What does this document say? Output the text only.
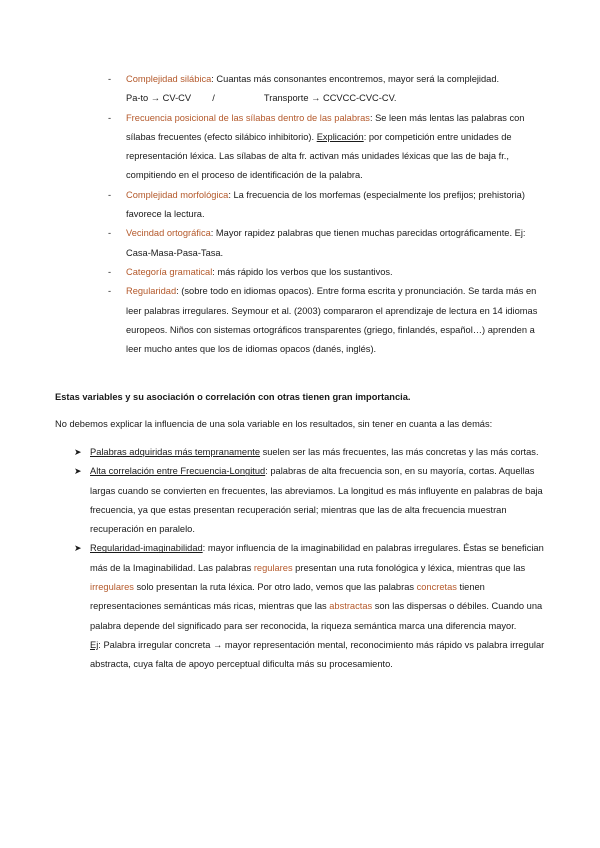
- Complejidad silábica: Cuantas más consonantes encontremos, mayor será la complejidad.
Pa-to → CV-CV /	Transporte → CCVCC-CVC-CV.
- Frecuencia posicional de las sílabas dentro de las palabras: Se leen más lentas las palabras con sílabas frecuentes (efecto silábico inhibitorio). Explicación: por competición entre unidades de representación léxica. Las sílabas de alta fr. activan más unidades léxicas que las de baja fr., compitiendo en el proceso de identificación de la palabra.
- Complejidad morfológica: La frecuencia de los morfemas (especialmente los prefijos; prehistoria) favorece la lectura.
- Vecindad ortográfica: Mayor rapidez palabras que tienen muchas parecidas ortográficamente. Ej: Casa-Masa-Pasa-Tasa.
- Categoría gramatical: más rápido los verbos que los sustantivos.
- Regularidad: (sobre todo en idiomas opacos). Entre forma escrita y pronunciación. Se tarda más en leer palabras irregulares. Seymour et al. (2003) compararon el aprendizaje de lectura en 14 idiomas europeos. Niños con sistemas ortográficos transparentes (griego, finlandés, español…) aprenden a leer mucho antes que los de idiomas opacos (danés, inglés).
Estas variables y su asociación o correlación con otras tienen gran importancia.
No debemos explicar la influencia de una sola variable en los resultados, sin tener en cuanta a las demás:
➤ Palabras adquiridas más tempranamente suelen ser las más frecuentes, las más concretas y las más cortas.
➤ Alta correlación entre Frecuencia-Longitud: palabras de alta frecuencia son, en su mayoría, cortas. Aquellas largas cuando se convierten en frecuentes, las abreviamos. La longitud es más influyente en palabras de baja frecuencia, ya que estas presentan recuperación serial; mientras que las de alta frecuencia muestran recuperación en paralelo.
➤ Regularidad-imaginabilidad: mayor influencia de la imaginabilidad en palabras irregulares. Éstas se benefician más de la Imaginabilidad. Las palabras regulares presentan una ruta fonológica y léxica, mientras que las irregulares solo presentan la ruta léxica. Por otro lado, vemos que las palabras concretas tienen representaciones semánticas más ricas, mientras que las abstractas son las dispersas o débiles. Cuando una palabra depende del significado para ser reconocida, la riqueza semántica marca una diferencia mayor.
Ej: Palabra irregular concreta → mayor representación mental, reconocimiento más rápido vs palabra irregular abstracta, cuya falta de apoyo perceptual dificulta más su procesamiento.
